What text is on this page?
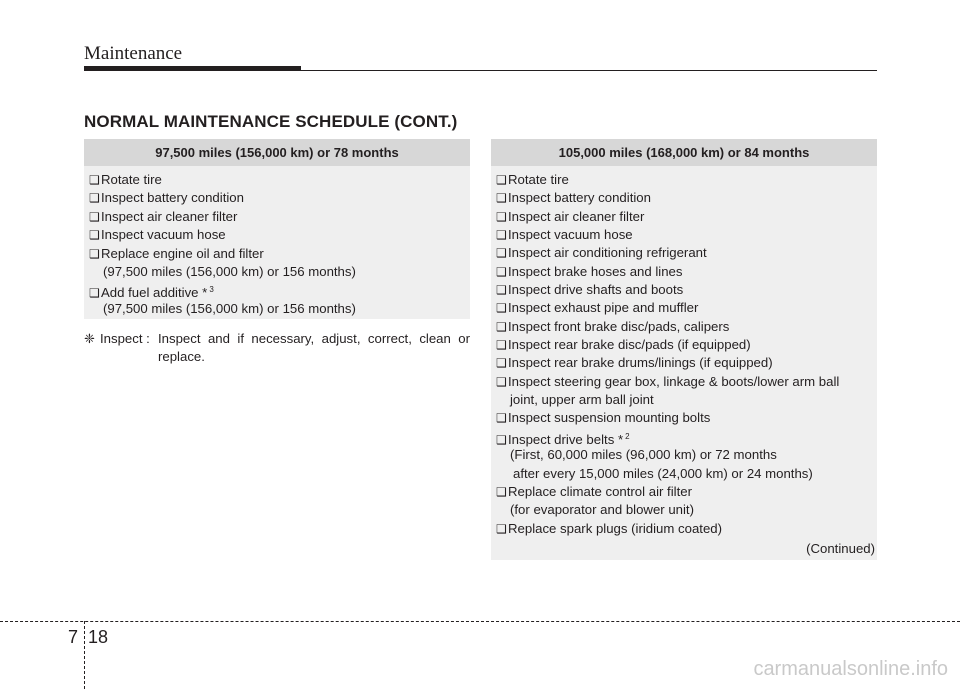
Maintenance
NORMAL MAINTENANCE SCHEDULE (CONT.)
97,500 miles (156,000 km) or 78 months
❑Rotate tire
❑Inspect battery condition
❑Inspect air cleaner filter
❑Inspect vacuum hose
❑Replace engine oil and filter
(97,500 miles (156,000 km) or 156 months)
❑Add fuel additive * $^3$
(97,500 miles (156,000 km) or 156 months)
❈ Inspect : Inspect and if necessary, adjust, correct, clean or
replace.
105,000 miles (168,000 km) or 84 months
❑Rotate tire
❑Inspect battery condition
❑Inspect air cleaner filter
❑Inspect vacuum hose
❑Inspect air conditioning refrigerant
❑Inspect brake hoses and lines
❑Inspect drive shafts and boots
❑Inspect exhaust pipe and muffler
❑Inspect front brake disc/pads, calipers
❑Inspect rear brake disc/pads (if equipped)
❑Inspect rear brake drums/linings (if equipped)
❑Inspect steering gear box, linkage & boots/lower arm ball
joint, upper arm ball joint
❑Inspect suspension mounting bolts
❑Inspect drive belts * $^2$
(First, 60,000 miles (96,000 km) or 72 months
after every 15,000 miles (24,000 km) or 24 months)
❑Replace climate control air filter
(for evaporator and blower unit)
❑Replace spark plugs (iridium coated)
(Continued)
7 18
carmanualsonline.info
